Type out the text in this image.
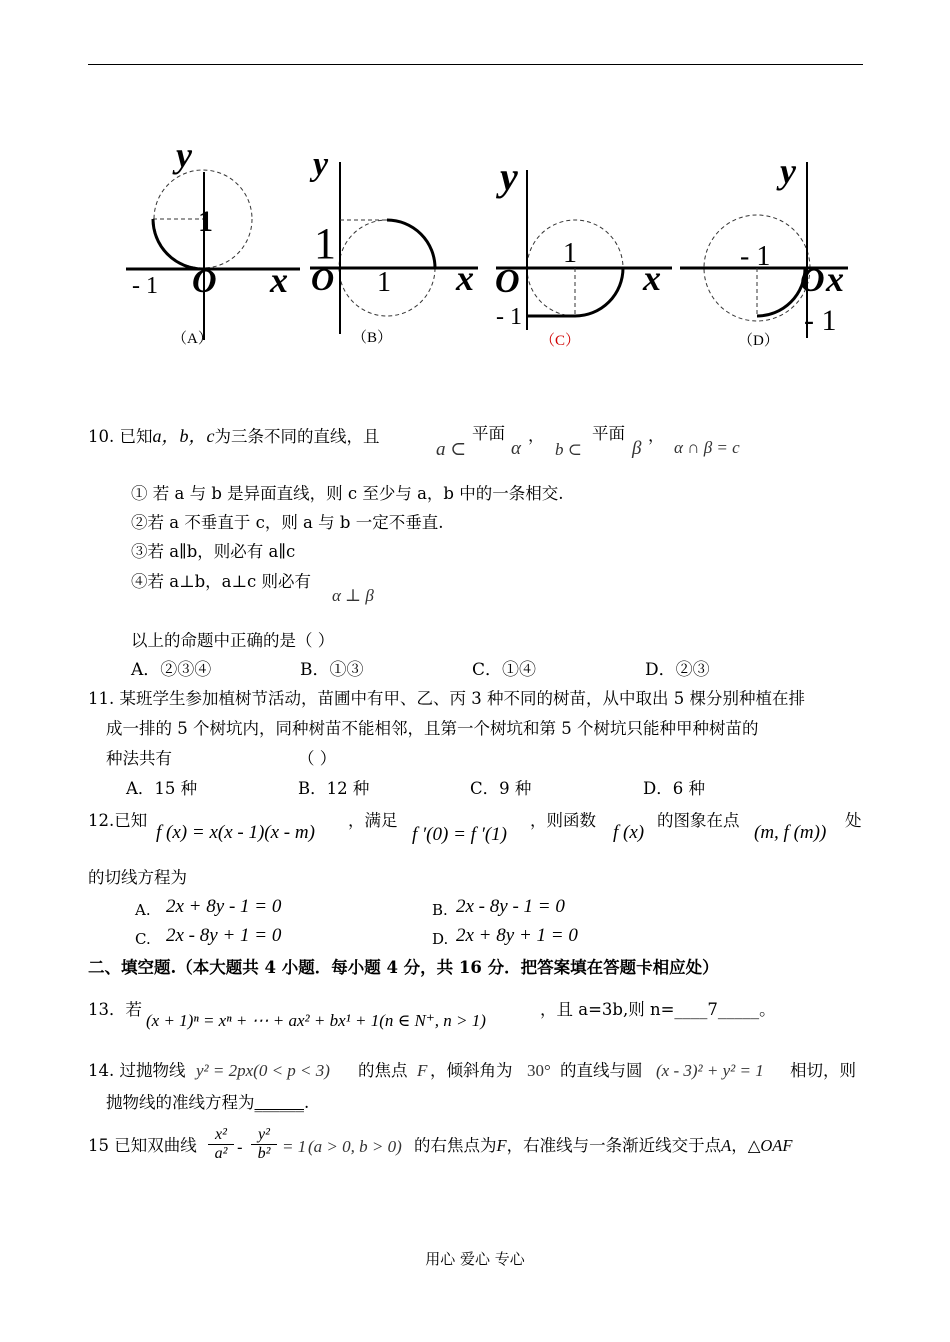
y
1
- 1 O x
（A）
y
1
O 1 x
（B）
y
1
O	x
- 1
（C）
y
- 1
O x
- 1
（D）
10. 已知a，b，c为三条不同的直线，且
a ⊂
平面
α
，
b ⊂
平面
β
，
α ∩ β = c
① 若 a 与 b 是异面直线，则 c 至少与 a，b 中的一条相交.
②若 a 不垂直于 c，则 a 与 b 一定不垂直.
③若 a∥b，则必有 a∥c
④若 a⊥b，a⊥c 则必有
α ⊥ β
以上的命题中正确的是（ ）
A．②③④	B．①③	C．①④	D．②③
11. 某班学生参加植树节活动，苗圃中有甲、乙、丙 3 种不同的树苗，从中取出 5 棵分别种植在排
成一排的 5 个树坑内，同种树苗不能相邻，且第一个树坑和第 5 个树坑只能种甲种树苗的
种法共有	（ ）
A．15 种	B．12 种	C．9 种	D．6 种
12.已知
f (x) = x(x - 1)(x - m)
，满足
f ′(0) = f ′(1)
，则函数
f (x)
的图象在点
(m, f (m))
处
的切线方程为
A. 2x + 8y - 1 = 0	B. 2x - 8y - 1 = 0
C. 2x - 8y + 1 = 0	D. 2x + 8y + 1 = 0
二、填空题.（本大题共 4 小题．每小题 4 分，共 16 分．把答案填在答题卡相应处）
13．若
(x + 1)ⁿ = xⁿ + ⋯ + ax² + bx¹ + 1(n ∈ N⁺, n > 1)
，且 a=3b,则 n=____7_____。
14. 过抛物线 y² = 2px(0 < p < 3) 的焦点 F ，倾斜角为 30° 的直线与圆 (x - 3)² + y² = 1 相切，则
抛物线的准线方程为______.
15 已知双曲线
x²
a² -
y²
b² = 1 (a > 0, b > 0) 的右焦点为F，右准线与一条渐近线交于点A，△OAF
用心 爱心 专心
